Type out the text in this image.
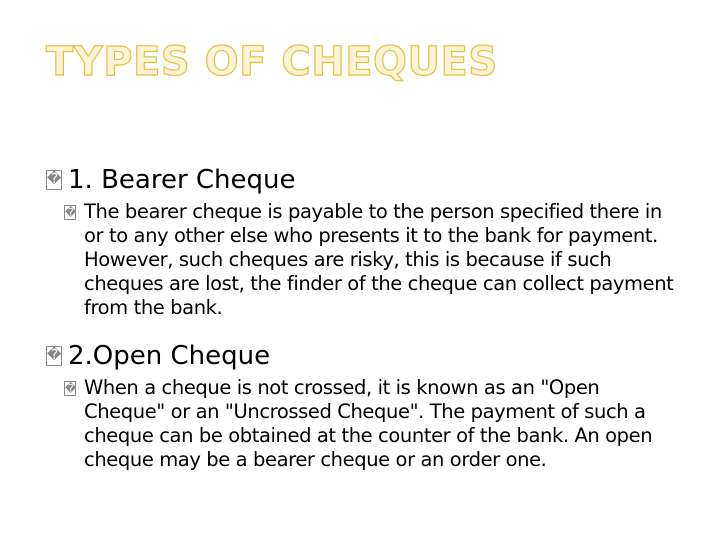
TYPES OF CHEQUES
� 1. Bearer Cheque
� The bearer cheque is payable to the person specified there in or to any other else who presents it to the bank for payment. However, such cheques are risky, this is because if such cheques are lost, the finder of the cheque can collect payment from the bank.
� 2.Open Cheque
� When a cheque is not crossed, it is known as an "Open Cheque" or an "Uncrossed Cheque". The payment of such a cheque can be obtained at the counter of the bank. An open cheque may be a bearer cheque or an order one.
